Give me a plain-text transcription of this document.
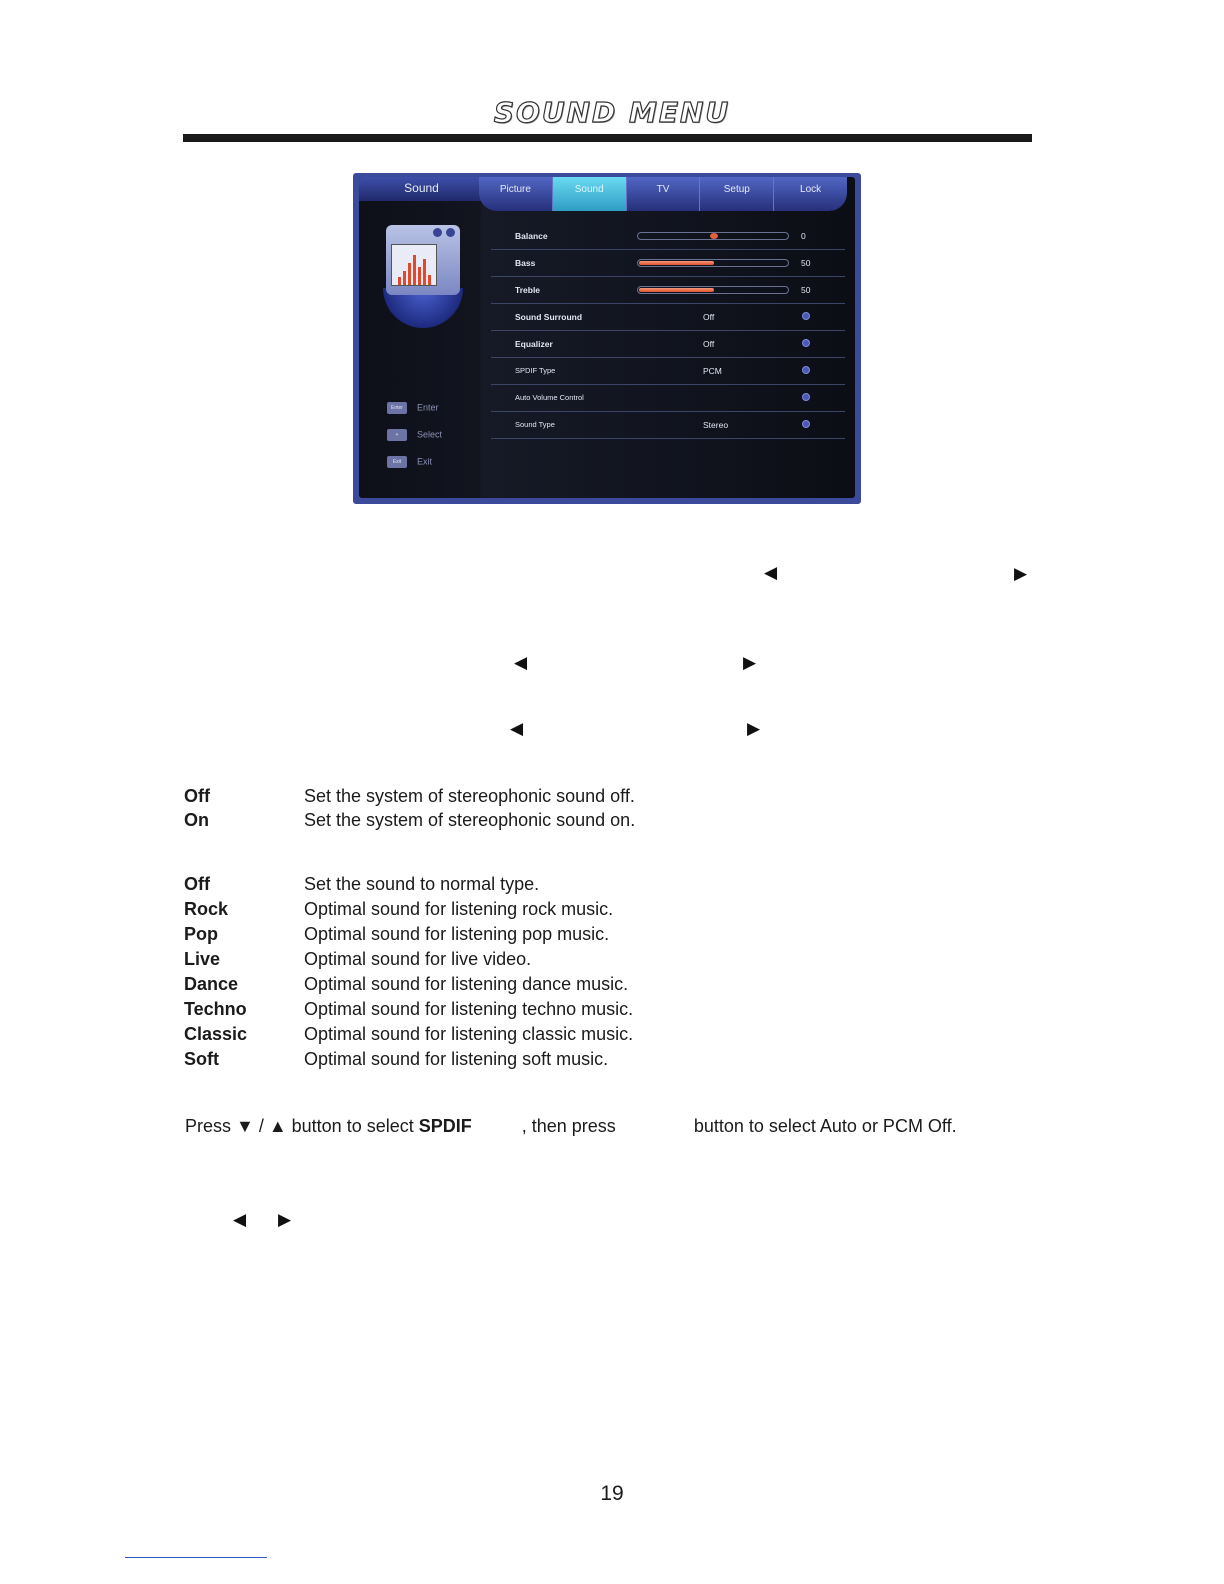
SOUND MENU
Sound	Picture	Sound	TV	Setup	Lock
Enter Enter
+ Select
Exit Exit
Balance	0
Bass	50
Treble	50
Sound Surround	Off
Equalizer	Off
SPDIF Type	PCM
Auto Volume Control
Sound Type	Stereo
◀	▶
◀	▶
◀	▶
Off	Set the system of stereophonic sound off.
On	Set the system of stereophonic sound on.
Off	Set the sound to normal type.
Rock	Optimal sound for listening rock music.
Pop	Optimal sound for listening pop music.
Live	Optimal sound for live video.
Dance	Optimal sound for listening dance music.
Techno	Optimal sound for listening techno music.
Classic	Optimal sound for listening classic music.
Soft	Optimal sound for listening soft music.
Press ▼ / ▲ button to select SPDIF	, then press	button to select Auto or PCM Off.
◀ ▶
19
